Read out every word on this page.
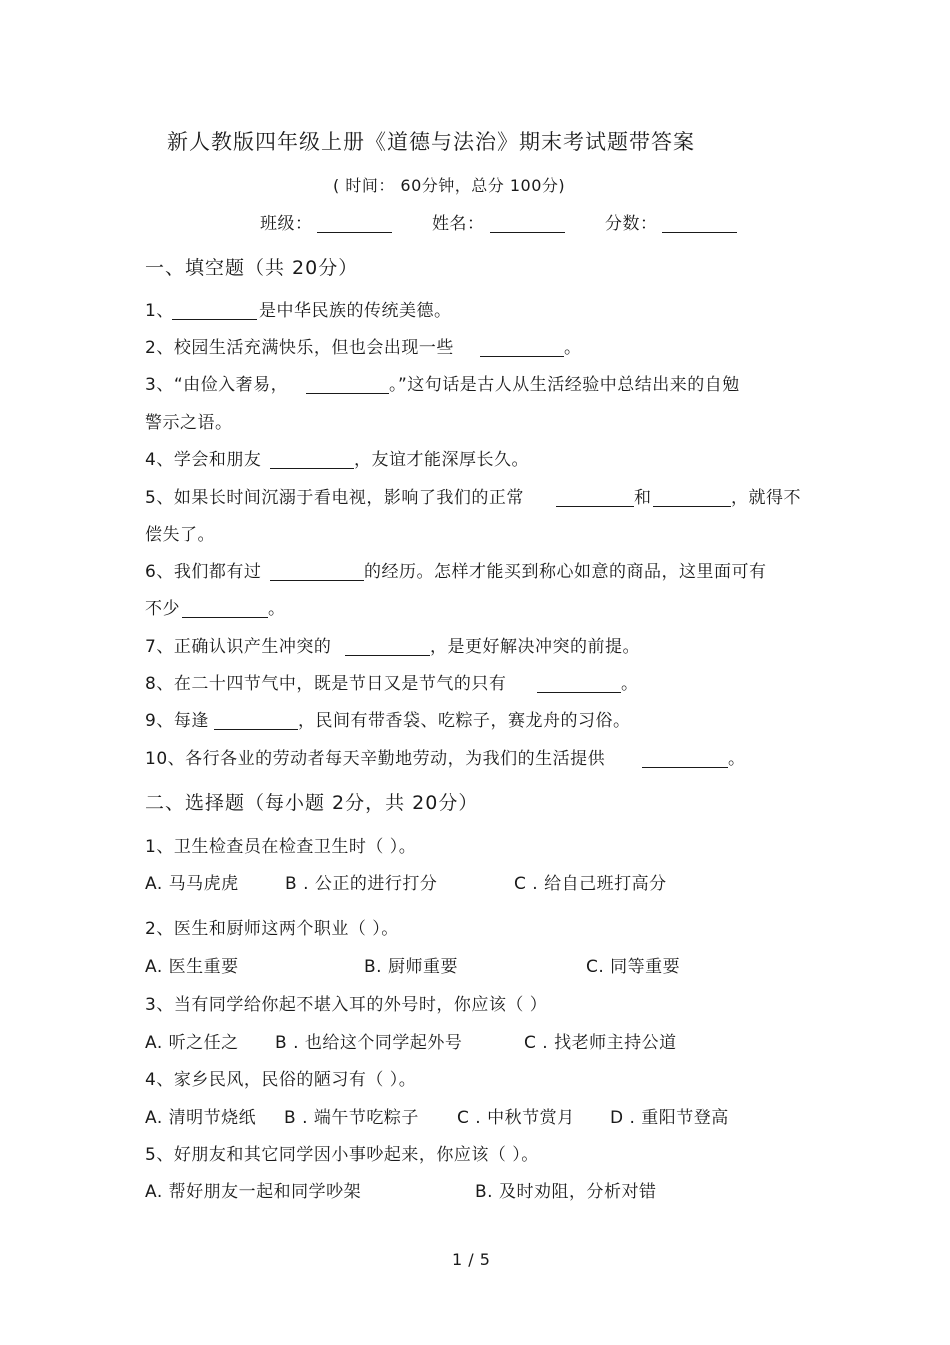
新人教版四年级上册《道德与法治》期末考试题带答案
( 时间： 60分钟，总分 100分)
班级：	姓名：	分数：
一、填空题（共 20分）
1、	是中华民族的传统美德。
2、校园生活充满快乐，但也会出现一些	。
3、“由俭入奢易，	。”这句话是古人从生活经验中总结出来的自勉
警示之语。
4、学会和朋友	，友谊才能深厚长久。
5、如果长时间沉溺于看电视，影响了我们的正常	和	，就得不
偿失了。
6、我们都有过	的经历。怎样才能买到称心如意的商品，这里面可有
不少	。
7、正确认识产生冲突的	，是更好解决冲突的前提。
8、在二十四节气中，既是节日又是节气的只有	。
9、每逢	，民间有带香袋、吃粽子，赛龙舟的习俗。
10、各行各业的劳动者每天辛勤地劳动，为我们的生活提供	。
二、选择题（每小题 2分，共 20分）
1、卫生检查员在检查卫生时（ ）。
A. 马马虎虎	B . 公正的进行打分	C . 给自己班打高分
2、医生和厨师这两个职业（ ）。
A. 医生重要	B. 厨师重要	C. 同等重要
3、当有同学给你起不堪入耳的外号时，你应该（ ）
A. 听之任之 B . 也给这个同学起外号	C . 找老师主持公道
4、家乡民风，民俗的陋习有（ ）。
A. 清明节烧纸 B . 端午节吃粽子 C . 中秋节赏月 D . 重阳节登高
5、好朋友和其它同学因小事吵起来，你应该（ ）。
A. 帮好朋友一起和同学吵架	B. 及时劝阻，分析对错
1 / 5
